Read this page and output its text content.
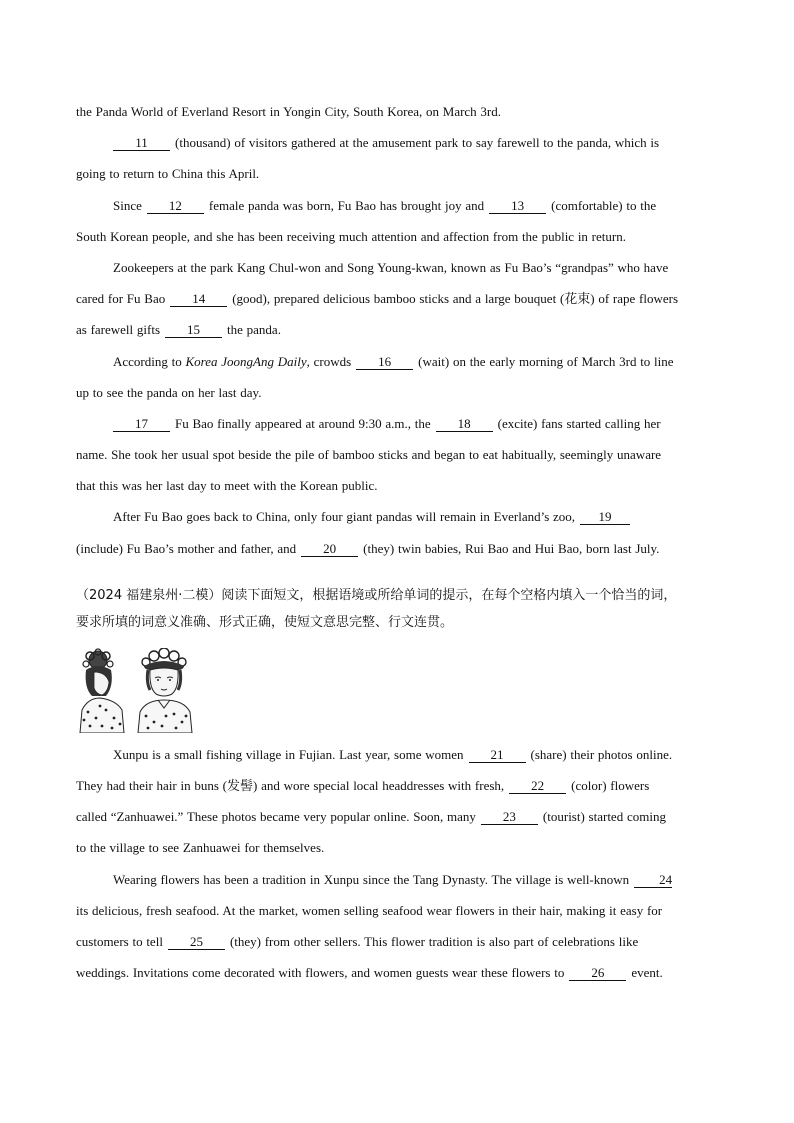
the Panda World of Everland Resort in Yongin City, South Korea, on March 3rd.
11 (thousand) of visitors gathered at the amusement park to say farewell to the panda, which is
going to return to China this April.
Since 12 female panda was born, Fu Bao has brought joy and 13 (comfortable) to the
South Korean people, and she has been receiving much attention and affection from the public in return.
Zookeepers at the park Kang Chul-won and Song Young-kwan, known as Fu Bao’s “grandpas” who have
cared for Fu Bao 14 (good), prepared delicious bamboo sticks and a large bouquet (花束) of rape flowers
as farewell gifts 15 the panda.
According to Korea JoongAng Daily, crowds 16 (wait) on the early morning of March 3rd to line
up to see the panda on her last day.
17 Fu Bao finally appeared at around 9:30 a.m., the 18 (excite) fans started calling her
name. She took her usual spot beside the pile of bamboo sticks and began to eat habitually, seemingly unaware
that this was her last day to meet with the Korean public.
After Fu Bao goes back to China, only four giant pandas will remain in Everland’s zoo, 19
(include) Fu Bao’s mother and father, and 20 (they) twin babies, Rui Bao and Hui Bao, born last July.
（2024 福建泉州·二模）阅读下面短文，根据语境或所给单词的提示，在每个空格内填入一个恰当的词，
要求所填的词意义准确、形式正确，使短文意思完整、行文连贯。
Xunpu is a small fishing village in Fujian. Last year, some women 21 (share) their photos online.
They had their hair in buns (发髻) and wore special local headdresses with fresh, 22 (color) flowers
called “Zanhuawei.” These photos became very popular online. Soon, many 23 (tourist) started coming
to the village to see Zanhuawei for themselves.
Wearing flowers has been a tradition in Xunpu since the Tang Dynasty. The village is well-known 24
its delicious, fresh seafood. At the market, women selling seafood wear flowers in their hair, making it easy for
customers to tell 25 (they) from other sellers. This flower tradition is also part of celebrations like
weddings. Invitations come decorated with flowers, and women guests wear these flowers to 26 event.
